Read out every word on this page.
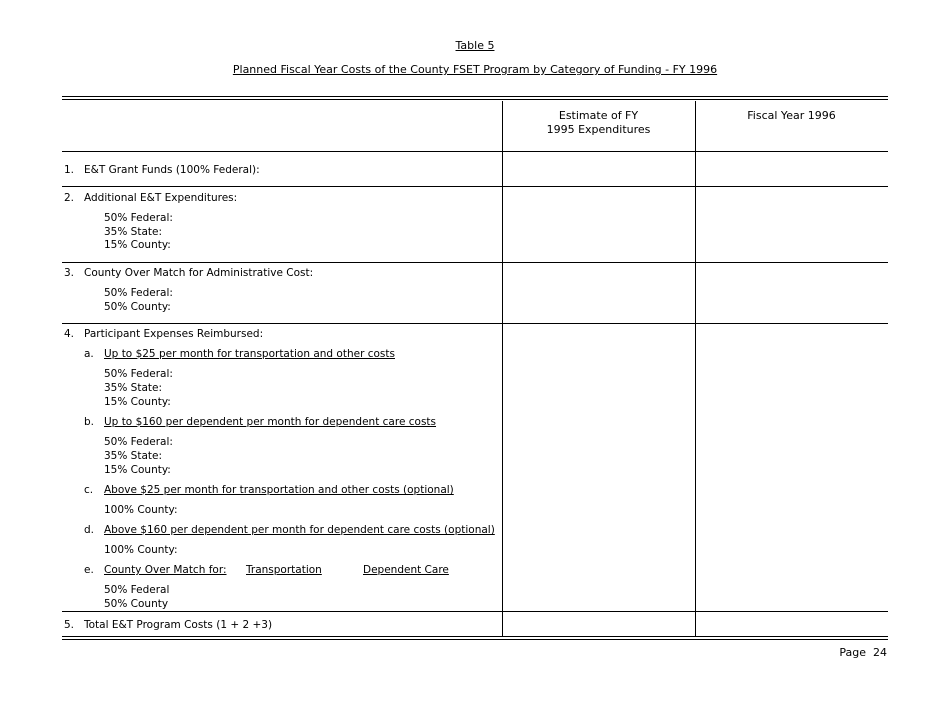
Table 5
Planned Fiscal Year Costs of the County FSET Program by Category of Funding - FY 1996
Estimate of FY
1995 Expenditures
Fiscal Year 1996
1. E&T Grant Funds (100% Federal):
2. Additional E&T Expenditures:
50% Federal:
35% State:
15% County:
3. County Over Match for Administrative Cost:
50% Federal:
50% County:
4. Participant Expenses Reimbursed:
a. Up to $25 per month for transportation and other costs
50% Federal:
35% State:
15% County:
b. Up to $160 per dependent per month for dependent care costs
50% Federal:
35% State:
15% County:
c. Above $25 per month for transportation and other costs (optional)
100% County:
d. Above $160 per dependent per month for dependent care costs (optional)
100% County:
e. County Over Match for: Transportation	Dependent Care
50% Federal
50% County
5. Total E&T Program Costs (1 + 2 +3)
Page  24
